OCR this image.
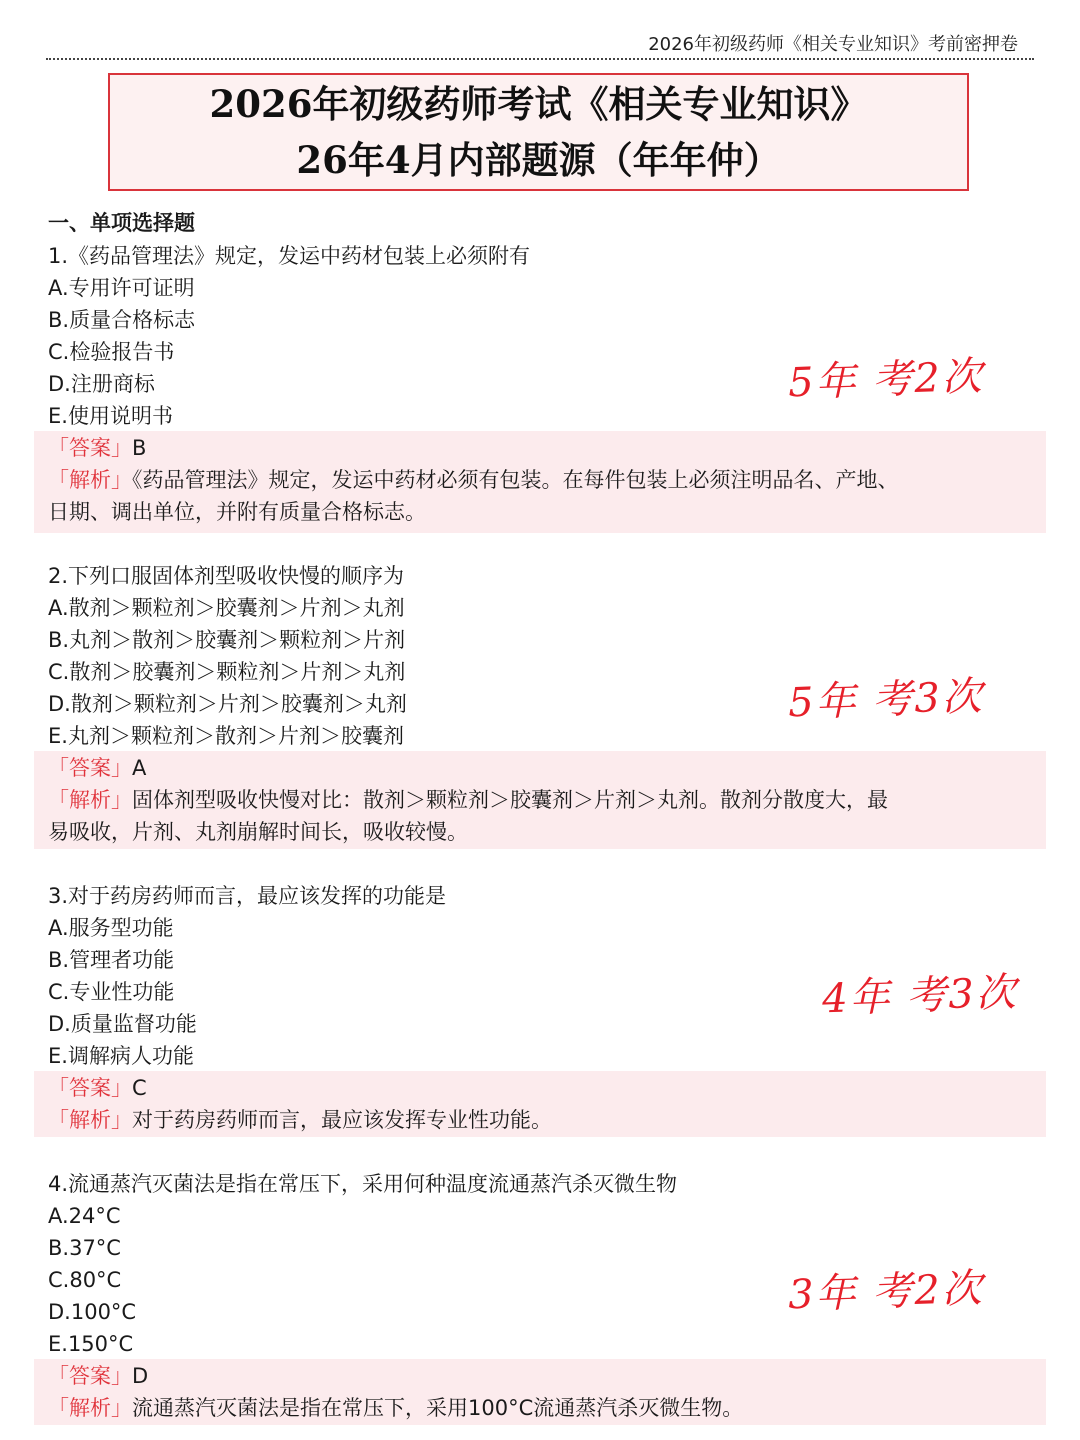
2026年初级药师《相关专业知识》考前密押卷
2026年初级药师考试《相关专业知识》
26年4月内部题源（年年仲）
一、单项选择题
1.《药品管理法》规定，发运中药材包装上必须附有
A.专用许可证明
B.质量合格标志
C.检验报告书
D.注册商标
E.使用说明书
「答案」B
「解析」《药品管理法》规定，发运中药材必须有包装。在每件包装上必须注明品名、产地、
日期、调出单位，并附有质量合格标志。
5年 考2次
2.下列口服固体剂型吸收快慢的顺序为
A.散剂＞颗粒剂＞胶囊剂＞片剂＞丸剂
B.丸剂＞散剂＞胶囊剂＞颗粒剂＞片剂
C.散剂＞胶囊剂＞颗粒剂＞片剂＞丸剂
D.散剂＞颗粒剂＞片剂＞胶囊剂＞丸剂
E.丸剂＞颗粒剂＞散剂＞片剂＞胶囊剂
「答案」A
「解析」固体剂型吸收快慢对比：散剂＞颗粒剂＞胶囊剂＞片剂＞丸剂。散剂分散度大，最
易吸收，片剂、丸剂崩解时间长，吸收较慢。
5年 考3次
3.对于药房药师而言，最应该发挥的功能是
A.服务型功能
B.管理者功能
C.专业性功能
D.质量监督功能
E.调解病人功能
「答案」C
「解析」对于药房药师而言，最应该发挥专业性功能。
4年 考3次
4.流通蒸汽灭菌法是指在常压下，采用何种温度流通蒸汽杀灭微生物
A.24°C
B.37°C
C.80°C
D.100°C
E.150°C
「答案」D
「解析」流通蒸汽灭菌法是指在常压下，采用100°C流通蒸汽杀灭微生物。
3年 考2次
